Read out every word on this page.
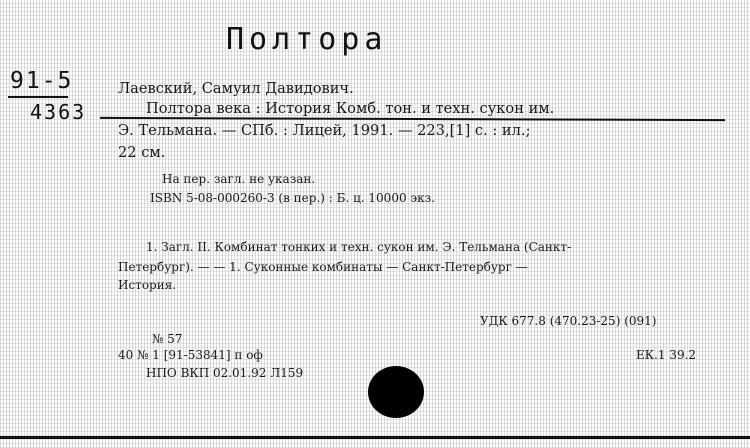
Полтора
91-5
4363
Лаевский, Самуил Давидович.
Полтора века : История Комб. тон. и техн. сукон им.
Э. Тельмана. — СПб. : Лицей, 1991. — 223,[1] с. : ил.;
22 см.
На пер. загл. не указан.
ISBN 5-08-000260-3 (в пер.) : Б. ц. 10000 экз.
1. Загл. II. Комбинат тонких и техн. сукон им. Э. Тельмана (Санкт-
Петербург). — — 1. Суконные комбинаты — Санкт-Петербург —
История.
УДК 677.8 (470.23-25) (091)
№ 57
40 № 1 [91-53841] п оф	ЕК.1 39.2
НПО ВКП 02.01.92 Л159
